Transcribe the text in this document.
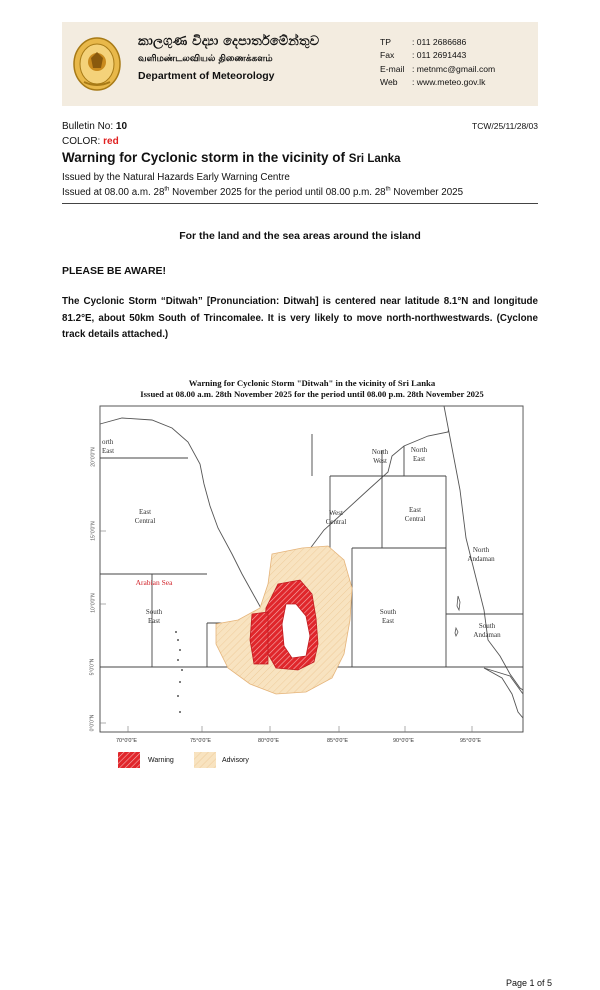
කාලගුණ විද්‍යා දෙපාර්තමේන්තුව
வளிமண்டலவியல் திணைக்களம்
Department of Meteorology
TP	: 011 2686686
Fax	: 011 2691443
E-mail : metnmc@gmail.com
Web	: www.meteo.gov.lk
Bulletin No: 10	TCW/25/11/28/03
COLOR: red
Warning for Cyclonic storm in the vicinity of Sri Lanka
Issued by the Natural Hazards Early Warning Centre
Issued at 08.00 a.m. 28th November 2025 for the period until 08.00 p.m. 28th November 2025
For the land and the sea areas around the island
PLEASE BE AWARE!
The Cyclonic Storm “Ditwah” [Pronunciation: Ditwah] is centered near latitude 8.1°N and longitude 81.2°E, about 50km South of Trincomalee. It is very likely to move north-northwestwards. (Cyclone track details attached.)
Warning for Cyclonic Storm "Ditwah" in the vicinity of Sri Lanka
Issued at 08.00 a.m. 28th November 2025 for the period until 08.00 p.m. 28th November 2025
orth
East
East
Central
Arabian Sea
South
East
West
Central
East
Central
North
West
North
East
South
East
North
Andaman
South
Andaman
20°0'0"N
15°0'0"N
10°0'0"N
5°0'0"N
0°0'0"N
70°0'0"E	75°0'0"E	80°0'0"E	85°0'0"E	90°0'0"E	95°0'0"E
Warning	Advisory
Page 1 of 5
